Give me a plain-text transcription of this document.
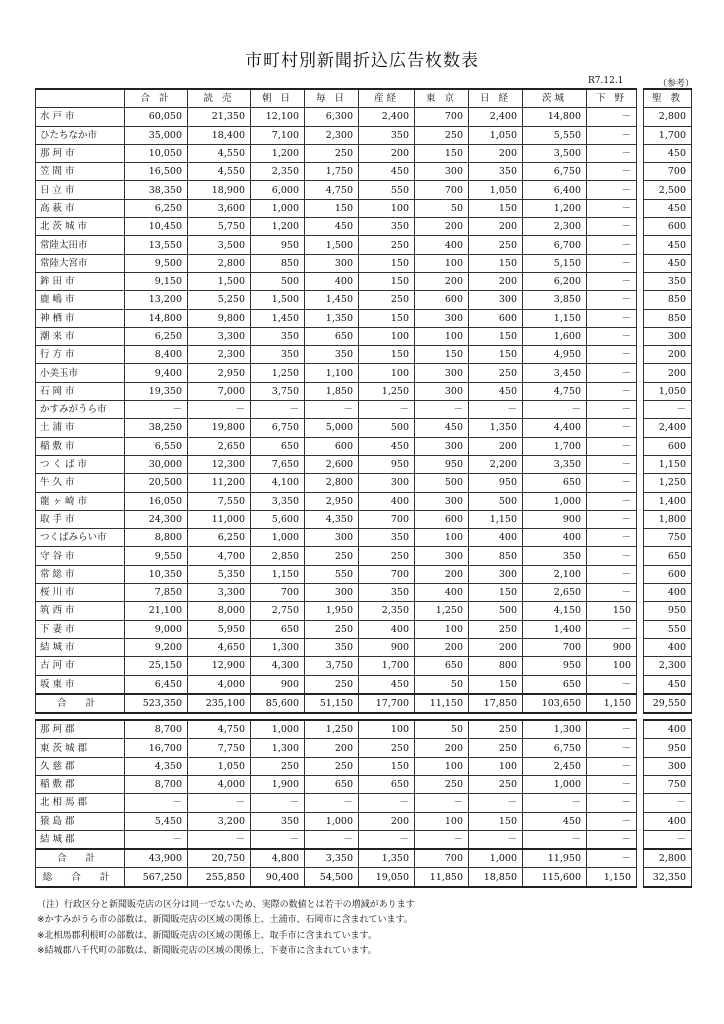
市町村別新聞折込広告枚数表
R7.12.1	（参考）
	合 計	読 売	朝 日	毎 日	産経	東 京	日 経	茨城	下 野		聖 教
水 戸 市	60,050	21,350	12,100	6,300	2,400	700	2,400	14,800	－		2,800
ひたちなか市	35,000	18,400	7,100	2,300	350	250	1,050	5,550	－		1,700
那 珂 市	10,050	4,550	1,200	250	200	150	200	3,500	－		450
笠 間 市	16,500	4,550	2,350	1,750	450	300	350	6,750	－		700
日 立 市	38,350	18,900	6,000	4,750	550	700	1,050	6,400	－		2,500
高 萩 市	6,250	3,600	1,000	150	100	50	150	1,200	－		450
北 茨 城 市	10,450	5,750	1,200	450	350	200	200	2,300	－		600
常陸太田市	13,550	3,500	950	1,500	250	400	250	6,700	－		450
常陸大宮市	9,500	2,800	850	300	150	100	150	5,150	－		450
鉾 田 市	9,150	1,500	500	400	150	200	200	6,200	－		350
鹿 嶋 市	13,200	5,250	1,500	1,450	250	600	300	3,850	－		850
神 栖 市	14,800	9,800	1,450	1,350	150	300	600	1,150	－		850
潮 来 市	6,250	3,300	350	650	100	100	150	1,600	－		300
行 方 市	8,400	2,300	350	350	150	150	150	4,950	－		200
小美玉市	9,400	2,950	1,250	1,100	100	300	250	3,450	－		200
石 岡 市	19,350	7,000	3,750	1,850	1,250	300	450	4,750	－		1,050
かすみがうら市	－	－	－	－	－	－	－	－	－		－
土 浦 市	38,250	19,800	6,750	5,000	500	450	1,350	4,400	－		2,400
稲 敷 市	6,550	2,650	650	600	450	300	200	1,700	－		600
つ く ば 市	30,000	12,300	7,650	2,600	950	950	2,200	3,350	－		1,150
牛 久 市	20,500	11,200	4,100	2,800	300	500	950	650	－		1,250
龍 ヶ 崎 市	16,050	7,550	3,350	2,950	400	300	500	1,000	－		1,400
取 手 市	24,300	11,000	5,600	4,350	700	600	1,150	900	－		1,800
つくばみらい市	8,800	6,250	1,000	300	350	100	400	400	－		750
守 谷 市	9,550	4,700	2,850	250	250	300	850	350	－		650
常 総 市	10,350	5,350	1,150	550	700	200	300	2,100	－		600
桜 川 市	7,850	3,300	700	300	350	400	150	2,650	－		400
筑 西 市	21,100	8,000	2,750	1,950	2,350	1,250	500	4,150	150		950
下 妻 市	9,000	5,950	650	250	400	100	250	1,400	－		550
結 城 市	9,200	4,650	1,300	350	900	200	200	700	900		400
古 河 市	25,150	12,900	4,300	3,750	1,700	650	800	950	100		2,300
坂 東 市	6,450	4,000	900	250	450	50	150	650	－		450
合 計	523,350	235,100	85,600	51,150	17,700	11,150	17,850	103,650	1,150		29,550

那 珂 郡	8,700	4,750	1,000	1,250	100	50	250	1,300	－		400
東 茨 城 郡	16,700	7,750	1,300	200	250	200	250	6,750	－		950
久 慈 郡	4,350	1,050	250	250	150	100	100	2,450	－		300
稲 敷 郡	8,700	4,000	1,900	650	650	250	250	1,000	－		750
北 相 馬 郡	－	－	－	－	－	－	－	－	－		－
猿 島 郡	5,450	3,200	350	1,000	200	100	150	450	－		400
結 城 郡	－	－	－	－	－	－	－	－	－		－
合 計	43,900	20,750	4,800	3,350	1,350	700	1,000	11,950	－		2,800
総 合 計	567,250	255,850	90,400	54,500	19,050	11,850	18,850	115,600	1,150		32,350
（注）行政区分と新聞販売店の区分は同一でないため、実際の数値とは若干の増減があります
※かすみがうら市の部数は、新聞販売店の区域の関係上、土浦市、石岡市に含まれています。
※北相馬郡利根町の部数は、新聞販売店の区域の関係上、取手市に含まれています。
※結城郡八千代町の部数は、新聞販売店の区域の関係上、下妻市に含まれています。
